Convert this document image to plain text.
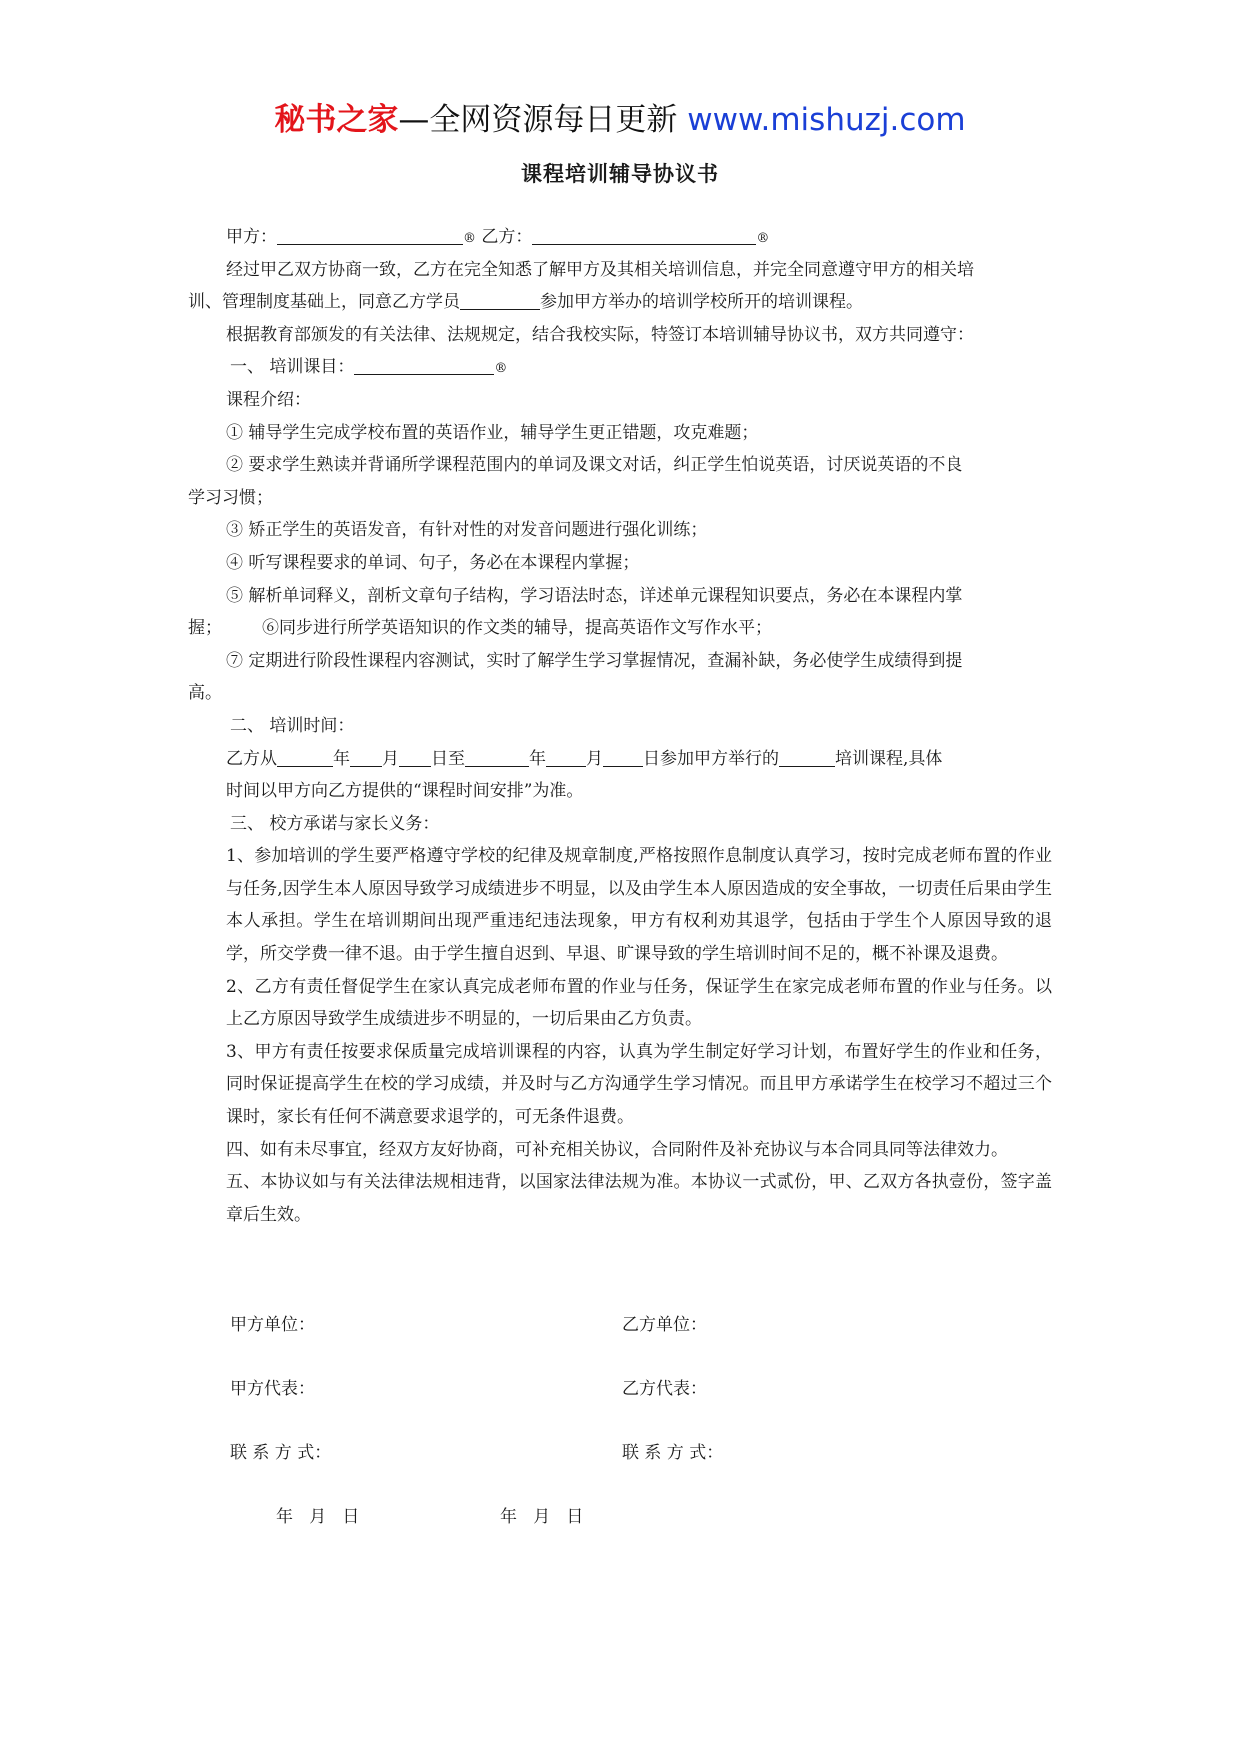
秘书之家—全网资源每日更新 www.mishuzj.com
课程培训辅导协议书
甲方：	® 乙方：	®
经过甲乙双方协商一致，乙方在完全知悉了解甲方及其相关培训信息，并完全同意遵守甲方的相关培
训、管理制度基础上，同意乙方学员	参加甲方举办的培训学校所开的培训课程。
根据教育部颁发的有关法律、法规规定，结合我校实际，特签订本培训辅导协议书，双方共同遵守：
一、 培训课目：	®
课程介绍：
① 辅导学生完成学校布置的英语作业，辅导学生更正错题，攻克难题；
② 要求学生熟读并背诵所学课程范围内的单词及课文对话，纠正学生怕说英语，讨厌说英语的不良
学习习惯；
③ 矫正学生的英语发音，有针对性的对发音问题进行强化训练；
④ 听写课程要求的单词、句子，务必在本课程内掌握；
⑤ 解析单词释义，剖析文章句子结构，学习语法时态，详述单元课程知识要点，务必在本课程内掌
握； ⑥同步进行所学英语知识的作文类的辅导，提高英语作文写作水平；
⑦ 定期进行阶段性课程内容测试，实时了解学生学习掌握情况，查漏补缺，务必使学生成绩得到提
高。
二、 培训时间：
乙方从	年 月 日至	年 月 日参加甲方举行的	培训课程,具体
时间以甲方向乙方提供的“课程时间安排”为准。
三、 校方承诺与家长义务：
1、参加培训的学生要严格遵守学校的纪律及规章制度,严格按照作息制度认真学习，按时完成老师布置的作业与任务,因学生本人原因导致学习成绩进步不明显，以及由学生本人原因造成的安全事故，一切责任后果由学生本人承担。学生在培训期间出现严重违纪违法现象，甲方有权利劝其退学，包括由于学生个人原因导致的退学，所交学费一律不退。由于学生擅自迟到、早退、旷课导致的学生培训时间不足的，概不补课及退费。
2、乙方有责任督促学生在家认真完成老师布置的作业与任务，保证学生在家完成老师布置的作业与任务。以上乙方原因导致学生成绩进步不明显的，一切后果由乙方负责。
3、甲方有责任按要求保质量完成培训课程的内容，认真为学生制定好学习计划，布置好学生的作业和任务，同时保证提高学生在校的学习成绩，并及时与乙方沟通学生学习情况。而且甲方承诺学生在校学习不超过三个课时，家长有任何不满意要求退学的，可无条件退费。
四、如有未尽事宜，经双方友好协商，可补充相关协议，合同附件及补充协议与本合同具同等法律效力。
五、本协议如与有关法律法规相违背，以国家法律法规为准。本协议一式贰份，甲、乙双方各执壹份，签字盖章后生效。
甲方单位：	乙方单位：
甲方代表：	乙方代表：
联 系 方 式：	联 系 方 式：
年   月   日	年   月   日
